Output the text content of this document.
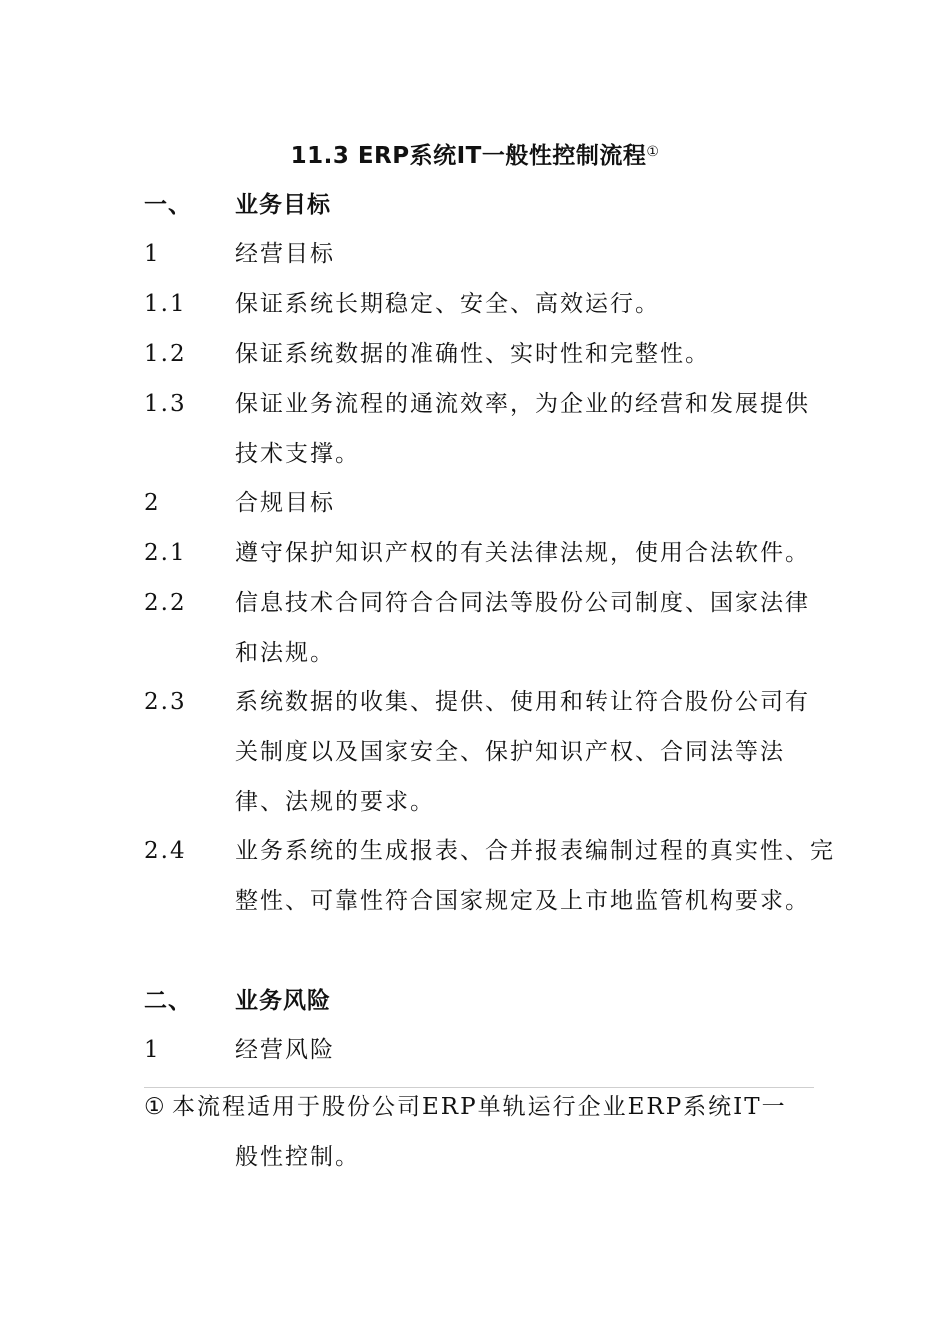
11.3 ERP系统IT一般性控制流程①
一、 业务目标
1	经营目标
1.1 保证系统长期稳定、安全、高效运行。
1.2 保证系统数据的准确性、实时性和完整性。
1.3 保证业务流程的通流效率，为企业的经营和发展提供技术支撑。
2	合规目标
2.1 遵守保护知识产权的有关法律法规，使用合法软件。
2.2 信息技术合同符合合同法等股份公司制度、国家法律和法规。
2.3 系统数据的收集、提供、使用和转让符合股份公司有关制度以及国家安全、保护知识产权、合同法等法律、法规的要求。
2.4 业务系统的生成报表、合并报表编制过程的真实性、完整性、可靠性符合国家规定及上市地监管机构要求。
二、 业务风险
1	经营风险
① 本流程适用于股份公司ERP单轨运行企业ERP系统IT一
般性控制。
